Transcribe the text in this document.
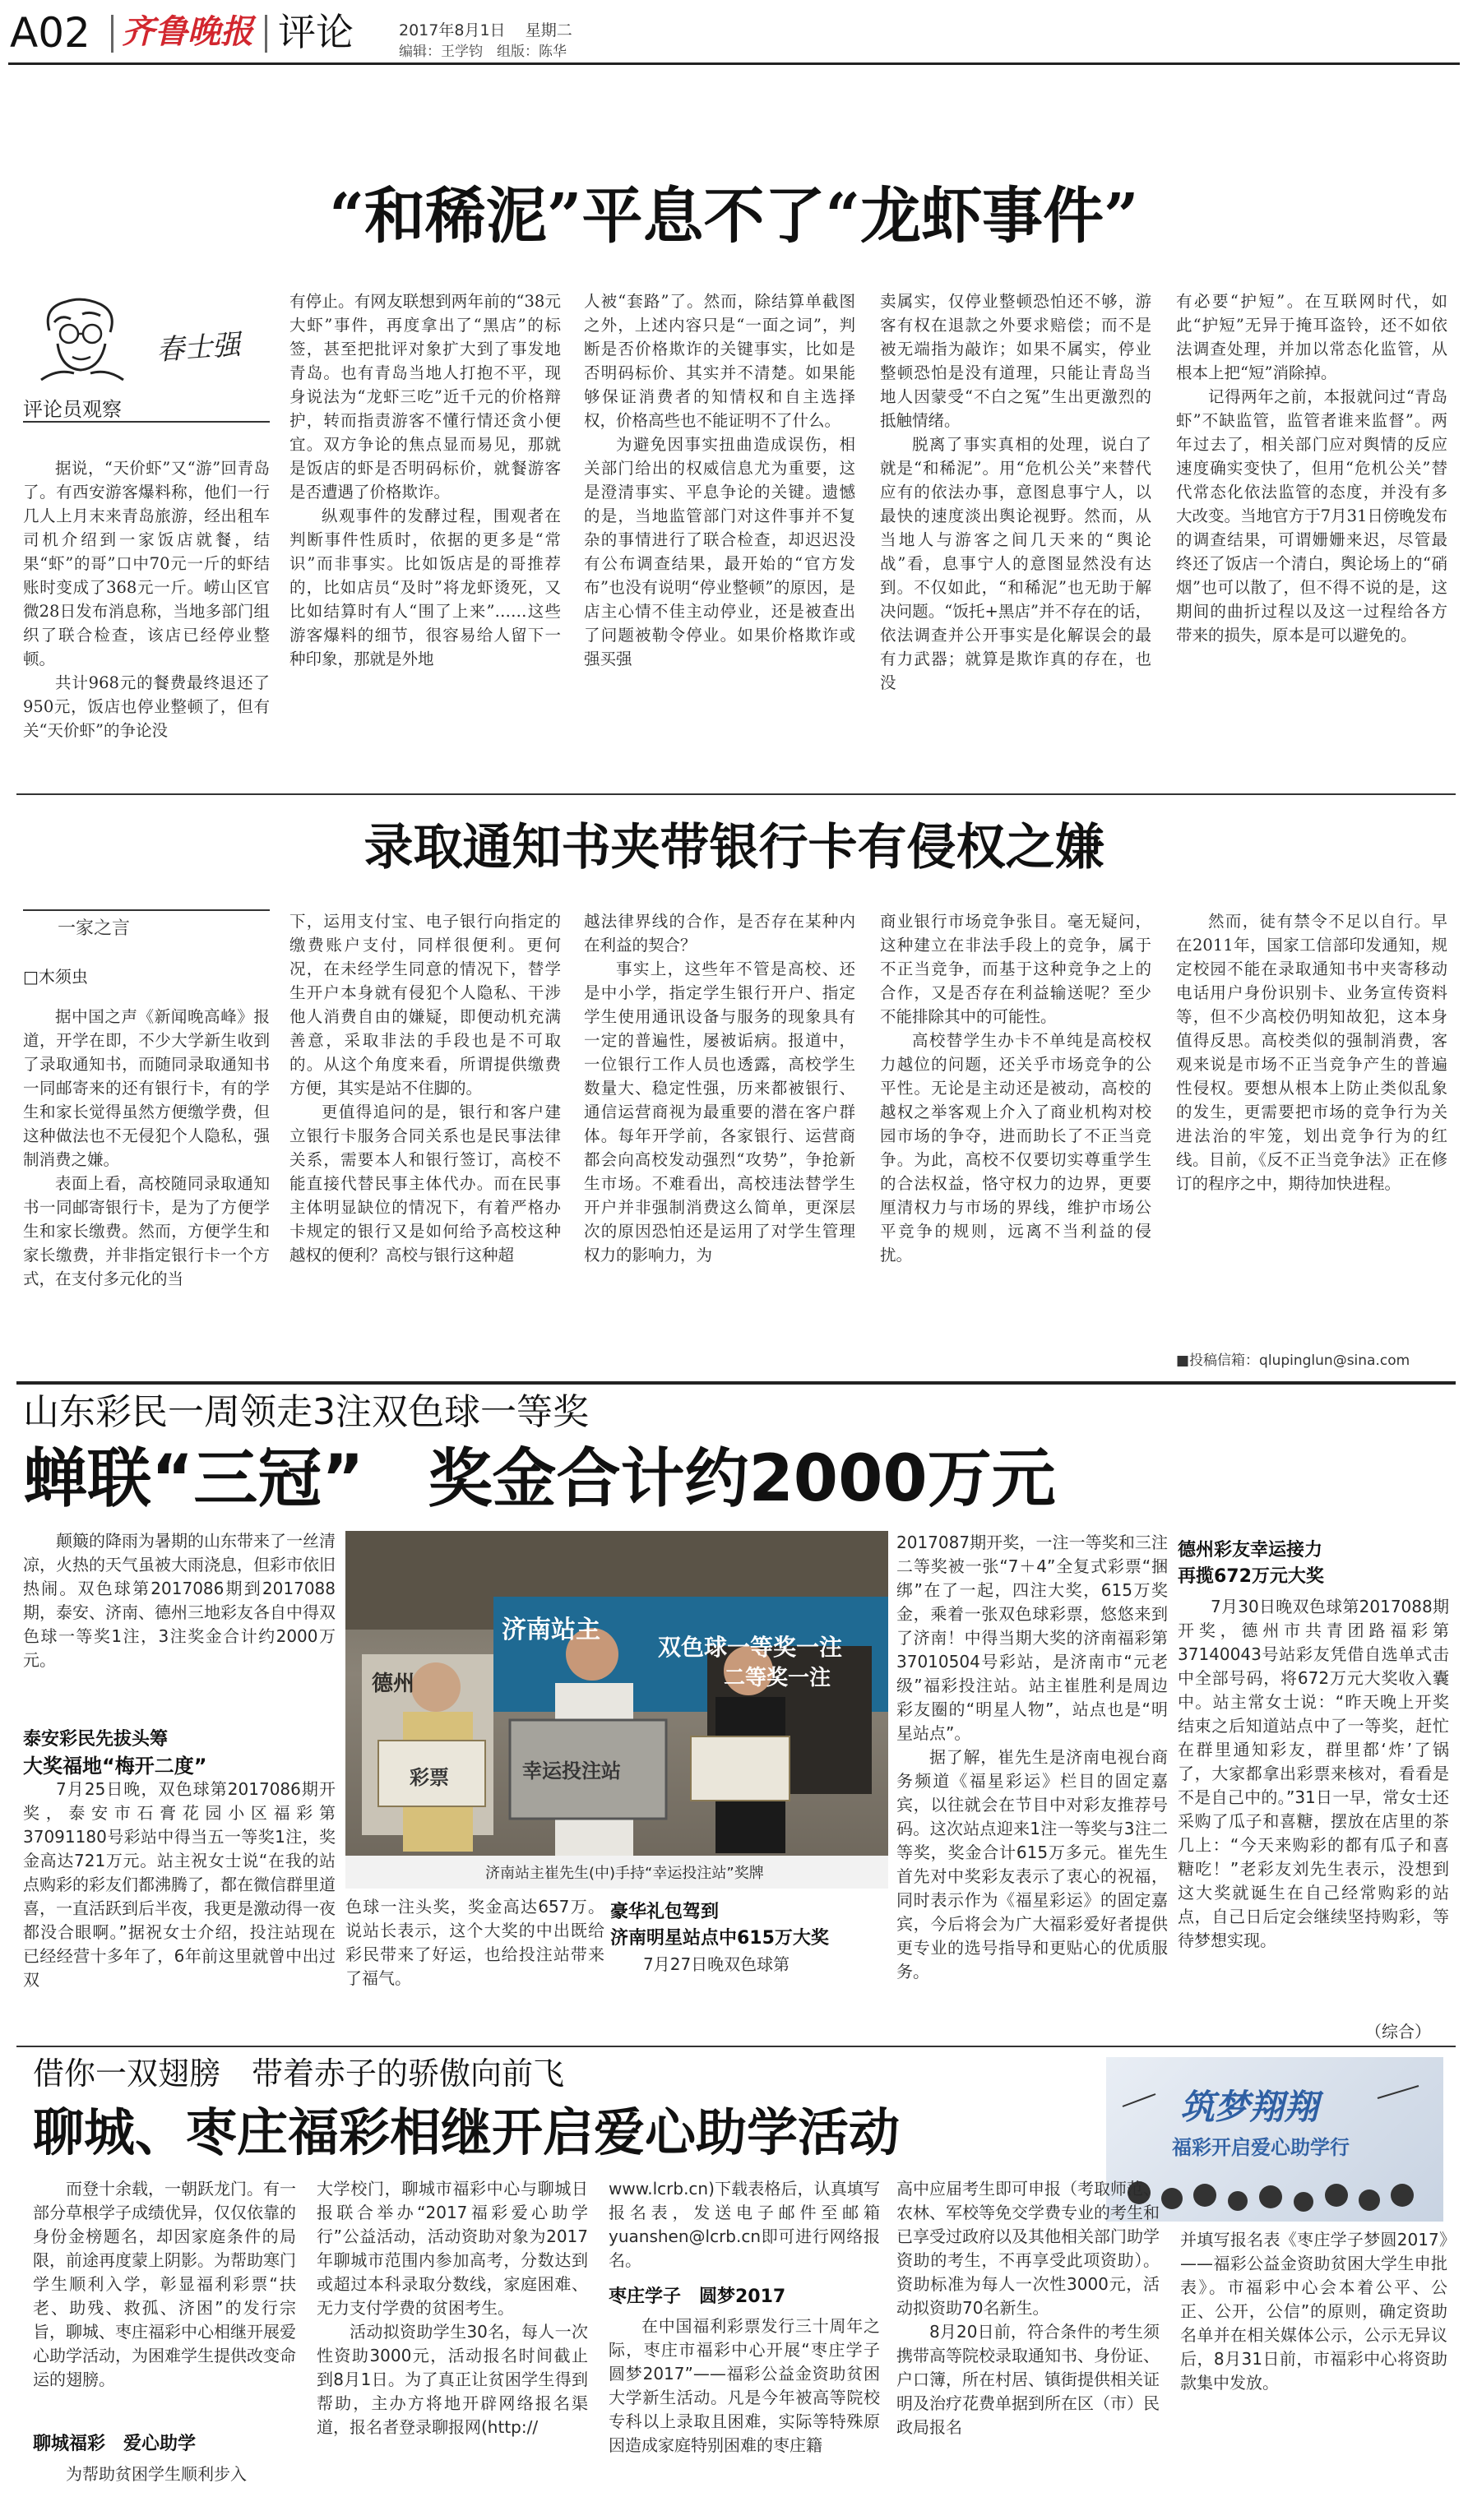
A02 齐鲁晚报 评论	2017年8月1日 星期二
编辑：王学钧　组版：陈华
“和稀泥”平息不了“龙虾事件”
春士强
评论员观察

据说，“天价虾”又“游”回青岛了。有西安游客爆料称，他们一行几人上月末来青岛旅游，经出租车司机介绍到一家饭店就餐，结果“虾”的哥”口中70元一斤的虾结账时变成了368元一斤。崂山区官微28日发布消息称，当地多部门组织了联合检查，该店已经停业整顿。

共计968元的餐费最终退还了950元，饭店也停业整顿了，但有关“天价虾”的争论没

有停止。有网友联想到两年前的“38元大虾”事件，再度拿出了“黑店”的标签，甚至把批评对象扩大到了事发地青岛。也有青岛当地人打抱不平，现身说法为“龙虾三吃”近千元的价格辩护，转而指责游客不懂行情还贪小便宜。双方争论的焦点显而易见，那就是饭店的虾是否明码标价，就餐游客是否遭遇了价格欺诈。

纵观事件的发酵过程，围观者在判断事件性质时，依据的更多是“常识”而非事实。比如饭店是的哥推荐的，比如店员“及时”将龙虾烫死，又比如结算时有人“围了上来”……这些游客爆料的细节，很容易给人留下一种印象，那就是外地

人被“套路”了。然而，除结算单截图之外，上述内容只是“一面之词”，判断是否价格欺诈的关键事实，比如是否明码标价、其实并不清楚。如果能够保证消费者的知情权和自主选择权，价格高些也不能证明不了什么。

为避免因事实扭曲造成误伤，相关部门给出的权威信息尤为重要，这是澄清事实、平息争论的关键。遗憾的是，当地监管部门对这件事并不复杂的事情进行了联合检查，却迟迟没有公布调查结果，最开始的“官方发布”也没有说明“停业整顿”的原因，是店主心情不佳主动停业，还是被查出了问题被勒令停业。如果价格欺诈或强买强

卖属实，仅停业整顿恐怕还不够，游客有权在退款之外要求赔偿；而不是被无端指为敲诈；如果不属实，停业整顿恐怕是没有道理，只能让青岛当地人因蒙受“不白之冤”生出更激烈的抵触情绪。

脱离了事实真相的处理，说白了就是“和稀泥”。用“危机公关”来替代应有的依法办事，意图息事宁人，以最快的速度淡出舆论视野。然而，从当地人与游客之间几天来的“舆论战”看，息事宁人的意图显然没有达到。不仅如此，“和稀泥”也无助于解决问题。“饭托+黑店”并不存在的话，依法调查并公开事实是化解误会的最有力武器；就算是欺诈真的存在，也没

有必要“护短”。在互联网时代，如此“护短”无异于掩耳盗铃，还不如依法调查处理，并加以常态化监管，从根本上把“短”消除掉。

记得两年之前，本报就问过“青岛虾”不缺监管，监管者谁来监督”。两年过去了，相关部门应对舆情的反应速度确实变快了，但用“危机公关”替代常态化依法监管的态度，并没有多大改变。当地官方于7月31日傍晚发布的调查结果，可谓姗姗来迟，尽管最终还了饭店一个清白，舆论场上的“硝烟”也可以散了，但不得不说的是，这期间的曲折过程以及这一过程给各方带来的损失，原本是可以避免的。

录取通知书夹带银行卡有侵权之嫌
一家之言
□木须虫

据中国之声《新闻晚高峰》报道，开学在即，不少大学新生收到了录取通知书，而随同录取通知书一同邮寄来的还有银行卡，有的学生和家长觉得虽然方便缴学费，但这种做法也不无侵犯个人隐私，强制消费之嫌。

表面上看，高校随同录取通知书一同邮寄银行卡，是为了方便学生和家长缴费。然而，方便学生和家长缴费，并非指定银行卡一个方式，在支付多元化的当

下，运用支付宝、电子银行向指定的缴费账户支付，同样很便利。更何况，在未经学生同意的情况下，替学生开户本身就有侵犯个人隐私、干涉他人消费自由的嫌疑，即便动机充满善意，采取非法的手段也是不可取的。从这个角度来看，所谓提供缴费方便，其实是站不住脚的。

更值得追问的是，银行和客户建立银行卡服务合同关系也是民事法律关系，需要本人和银行签订，高校不能直接代替民事主体代办。而在民事主体明显缺位的情况下，有着严格办卡规定的银行又是如何给予高校这种越权的便利？高校与银行这种超

越法律界线的合作，是否存在某种内在利益的契合？

事实上，这些年不管是高校、还是中小学，指定学生银行开户、指定学生使用通讯设备与服务的现象具有一定的普遍性，屡被诟病。报道中，一位银行工作人员也透露，高校学生数量大、稳定性强，历来都被银行、通信运营商视为最重要的潜在客户群体。每年开学前，各家银行、运营商都会向高校发动强烈“攻势”，争抢新生市场。不难看出，高校违法替学生开户并非强制消费这么简单，更深层次的原因恐怕还是运用了对学生管理权力的影响力，为

商业银行市场竞争张目。毫无疑问，这种建立在非法手段上的竞争，属于不正当竞争，而基于这种竞争之上的合作，又是否存在利益输送呢？至少不能排除其中的可能性。

高校替学生办卡不单纯是高校权力越位的问题，还关乎市场竞争的公平性。无论是主动还是被动，高校的越权之举客观上介入了商业机构对校园市场的争夺，进而助长了不正当竞争。为此，高校不仅要切实尊重学生的合法权益，恪守权力的边界，更要厘清权力与市场的界线，维护市场公平竞争的规则，远离不当利益的侵扰。

然而，徒有禁令不足以自行。早在2011年，国家工信部印发通知，规定校园不能在录取通知书中夹寄移动电话用户身份识别卡、业务宣传资料等，但不少高校仍明知故犯，这本身值得反思。高校类似的强制消费，客观来说是市场不正当竞争产生的普遍性侵权。要想从根本上防止类似乱象的发生，更需要把市场的竞争行为关进法治的牢笼，划出竞争行为的红线。目前，《反不正当竞争法》正在修订的程序之中，期待加快进程。

■投稿信箱：qlupinglun@sina.com
山东彩民一周领走3注双色球一等奖
蝉联“三冠”　奖金合计约2000万元

颠簸的降雨为暑期的山东带来了一丝清凉，火热的天气虽被大雨浇息，但彩市依旧热闹。双色球第2017086期到2017088期，泰安、济南、德州三地彩友各自中得双色球一等奖1注，3注奖金合计约2000万元。

泰安彩民先拔头筹
大奖福地“梅开二度”

7月25日晚，双色球第2017086期开奖，泰安市石膏花园小区福彩第37091180号彩站中得当五一等奖1注，奖金高达721万元。站主祝女士说“在我的站点购彩的彩友们都沸腾了，都在微信群里道喜，一直活跃到后半夜，我更是激动得一夜都没合眼啊。”据祝女士介绍，投注站现在已经经营十多年了，6年前这里就曾中出过双

德州
济南站主
双色球一等奖一注
二等奖一注
幸运投注站
彩票
济南站主崔先生(中)手持“幸运投注站”奖牌

色球一注头奖，奖金高达657万。说站长表示，这个大奖的中出既给彩民带来了好运，也给投注站带来了福气。

豪华礼包驾到
济南明星站点中615万大奖

7月27日晚双色球第

2017087期开奖，一注一等奖和三注二等奖被一张“7＋4”全复式彩票“捆绑”在了一起，四注大奖，615万奖金，乘着一张双色球彩票，悠悠来到了济南！中得当期大奖的济南福彩第37010504号彩站，是济南市“元老级”福彩投注站。站主崔胜利是周边彩友圈的“明星人物”，站点也是“明星站点”。

据了解，崔先生是济南电视台商务频道《福星彩运》栏目的固定嘉宾，以往就会在节目中对彩友推荐号码。这次站点迎来1注一等奖与3注二等奖，奖金合计615万多元。崔先生首先对中奖彩友表示了衷心的祝福，同时表示作为《福星彩运》的固定嘉宾，今后将会为广大福彩爱好者提供更专业的选号指导和更贴心的优质服务。

德州彩友幸运接力
再揽672万元大奖

7月30日晚双色球第2017088期开奖，德州市共青团路福彩第37140043号站彩友凭借自选单式击中全部号码，将672万元大奖收入囊中。站主常女士说：“昨天晚上开奖结束之后知道站点中了一等奖，赶忙在群里通知彩友，群里都‘炸’了锅了，大家都拿出彩票来核对，看看是不是自己中的。”31日一早，常女士还采购了瓜子和喜糖，摆放在店里的茶几上：“今天来购彩的都有瓜子和喜糖吃！”老彩友刘先生表示，没想到这大奖就诞生在自己经常购彩的站点，自己日后定会继续坚持购彩，等待梦想实现。

（综合）
借你一双翅膀　带着赤子的骄傲向前飞
聊城、枣庄福彩相继开启爱心助学活动	筑梦翔翔
福彩开启爱心助学行

而登十余载，一朝跃龙门。有一部分草根学子成绩优异，仅仅依靠的身份金榜题名，却因家庭条件的局限，前途再度蒙上阴影。为帮助寒门学生顺利入学，彰显福利彩票“扶老、助残、救孤、济困”的发行宗旨，聊城、枣庄福彩中心相继开展爱心助学活动，为困难学生提供改变命运的翅膀。

聊城福彩　爱心助学

为帮助贫困学生顺利步入

大学校门，聊城市福彩中心与聊城日报联合举办“2017福彩爱心助学行”公益活动，活动资助对象为2017年聊城市范围内参加高考，分数达到或超过本科录取分数线，家庭困难、无力支付学费的贫困考生。

活动拟资助学生30名，每人一次性资助3000元，活动报名时间截止到8月1日。为了真正让贫困学生得到帮助，主办方将地开辟网络报名渠道，报名者登录聊报网(http://

www.lcrb.cn)下载表格后，认真填写报名表，发送电子邮件至邮箱yuanshen@lcrb.cn即可进行网络报名。

枣庄学子　圆梦2017

在中国福利彩票发行三十周年之际，枣庄市福彩中心开展“枣庄学子圆梦2017”——福彩公益金资助贫困大学新生活动。凡是今年被高等院校专科以上录取且困难，实际等特殊原因造成家庭特别困难的枣庄籍

高中应届考生即可申报（考取师范、农林、军校等免交学费专业的考生和已享受过政府以及其他相关部门助学资助的考生，不再享受此项资助）。资助标准为每人一次性3000元，活动拟资助70名新生。

8月20日前，符合条件的考生须携带高等院校录取通知书、身份证、户口簿，所在村居、镇街提供相关证明及治疗花费单据到所在区（市）民政局报名

并填写报名表《枣庄学子梦圆2017》——福彩公益金资助贫困大学生申批表》。市福彩中心会本着公平、公正、公开，公信”的原则，确定资助名单并在相关媒体公示，公示无异议后，8月31日前，市福彩中心将资助款集中发放。
